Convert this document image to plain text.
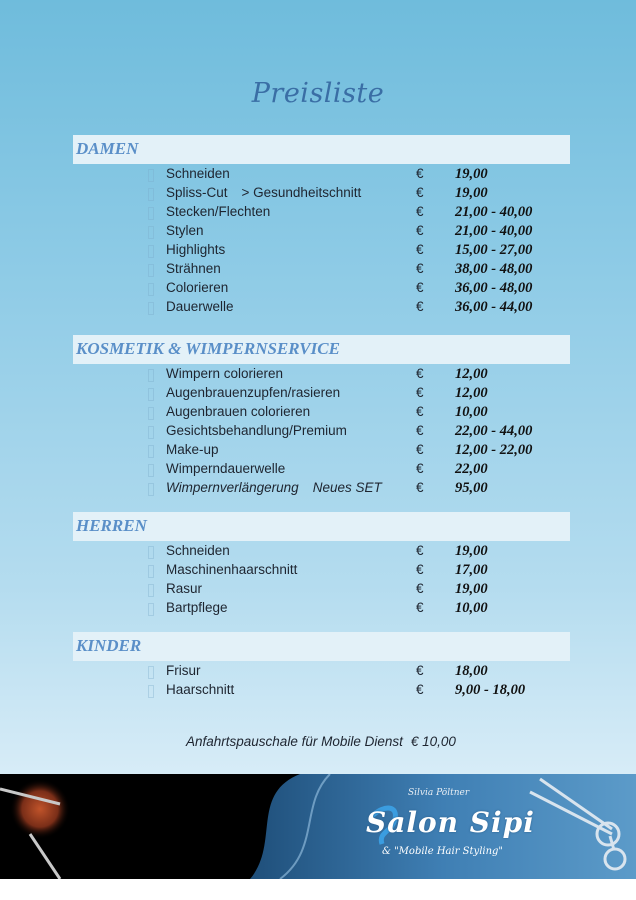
Preisliste
DAMEN
Schneiden	€ 19,00
Spliss-Cut > Gesundheitschnitt	€ 19,00
Stecken/Flechten	€ 21,00 - 40,00
Stylen	€ 21,00 - 40,00
Highlights	€ 15,00 - 27,00
Strähnen	€ 38,00 - 48,00
Colorieren	€ 36,00 - 48,00
Dauerwelle	€ 36,00 - 44,00
KOSMETIK & WIMPERNSERVICE
Wimpern colorieren	€ 12,00
Augenbrauenzupfen/rasieren	€ 12,00
Augenbrauen colorieren	€ 10,00
Gesichtsbehandlung/Premium	€ 22,00 - 44,00
Make-up	€ 12,00 - 22,00
Wimperndauerwelle	€ 22,00
Wimpernverlängerung Neues SET	€ 95,00
HERREN
Schneiden	€ 19,00
Maschinenhaarschnitt	€ 17,00
Rasur	€ 19,00
Bartpflege	€ 10,00
KINDER
Frisur	€ 18,00
Haarschnitt	€ 9,00 - 18,00
Anfahrtspauschale für Mobile Dienst € 10,00
Silvia Pöltner
Salon Sipi
& "Mobile Hair Styling"
